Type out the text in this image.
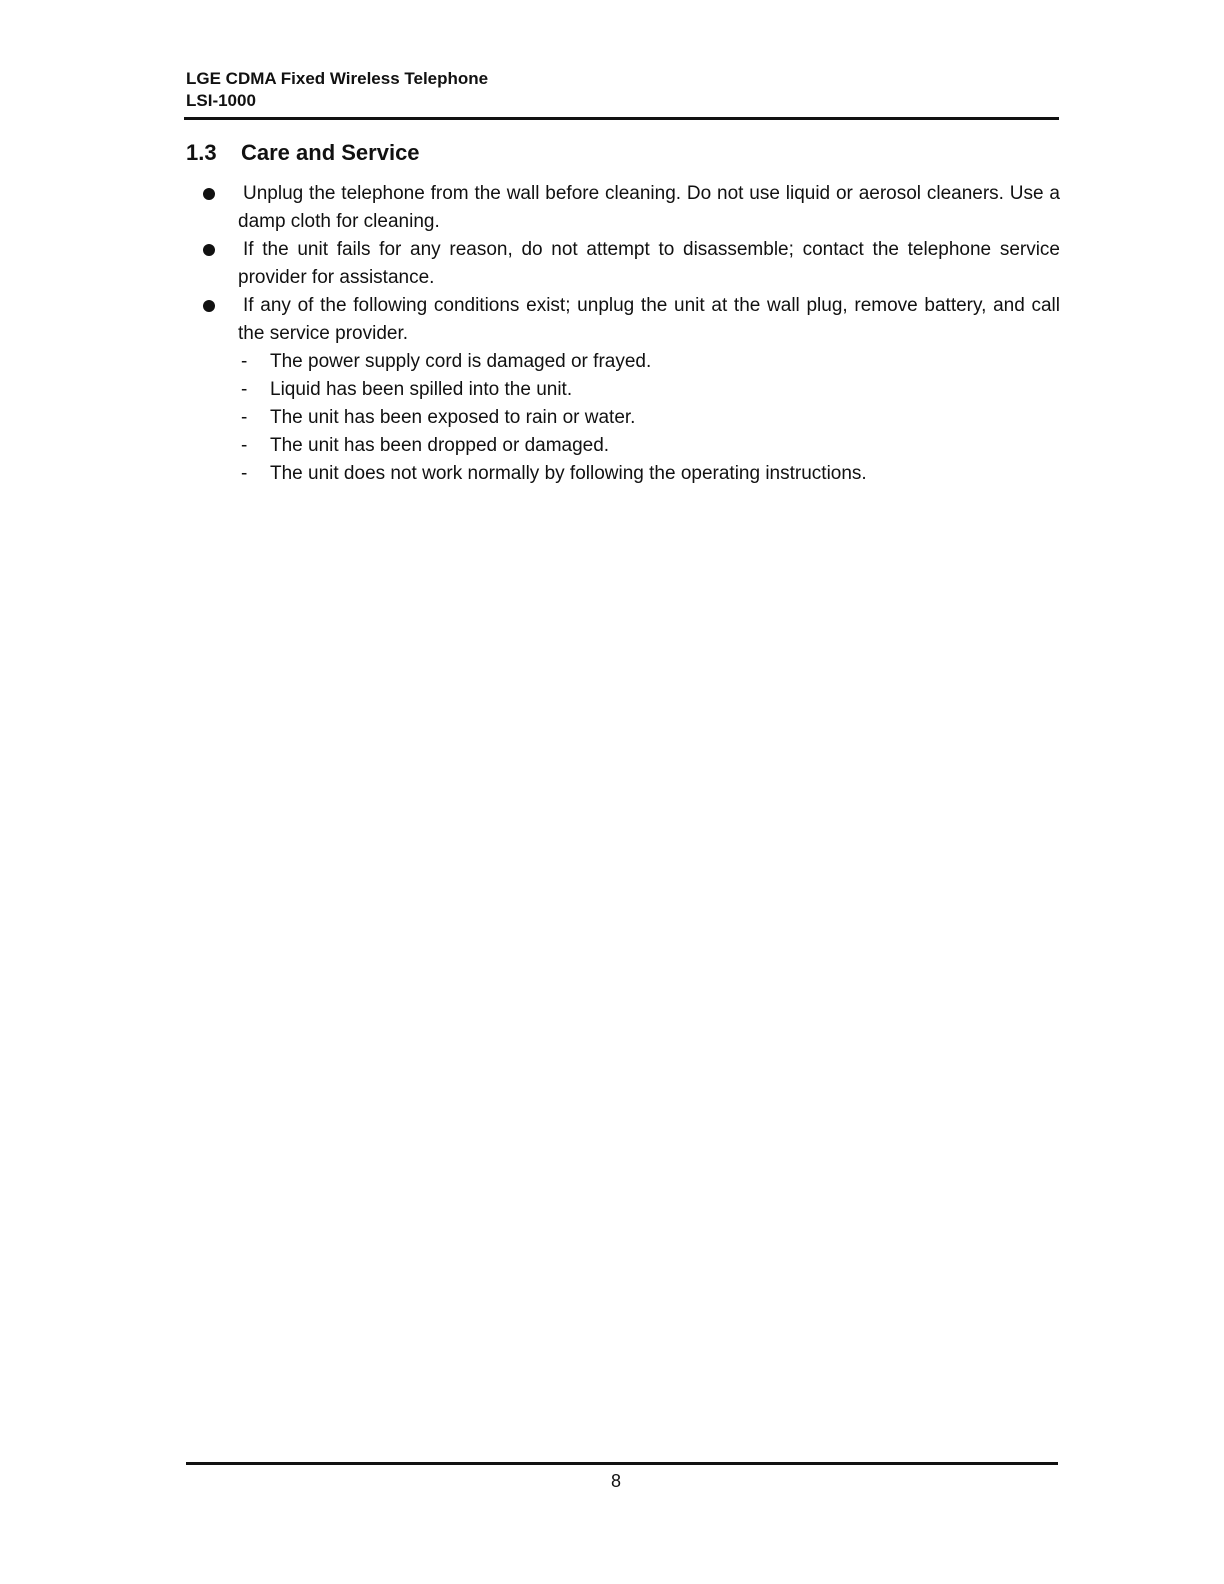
LGE CDMA Fixed Wireless Telephone

LSI-1000

1.3 Care and Service
Unplug the telephone from the wall before cleaning. Do not use liquid or aerosol cleaners. Use a damp cloth for cleaning.
If the unit fails for any reason, do not attempt to disassemble; contact the telephone service provider for assistance.
If any of the following conditions exist; unplug the unit at the wall plug, remove battery, and call the service provider.
- The power supply cord is damaged or frayed.
- Liquid has been spilled into the unit.
- The unit has been exposed to rain or water.
- The unit has been dropped or damaged.
- The unit does not work normally by following the operating instructions.
8
